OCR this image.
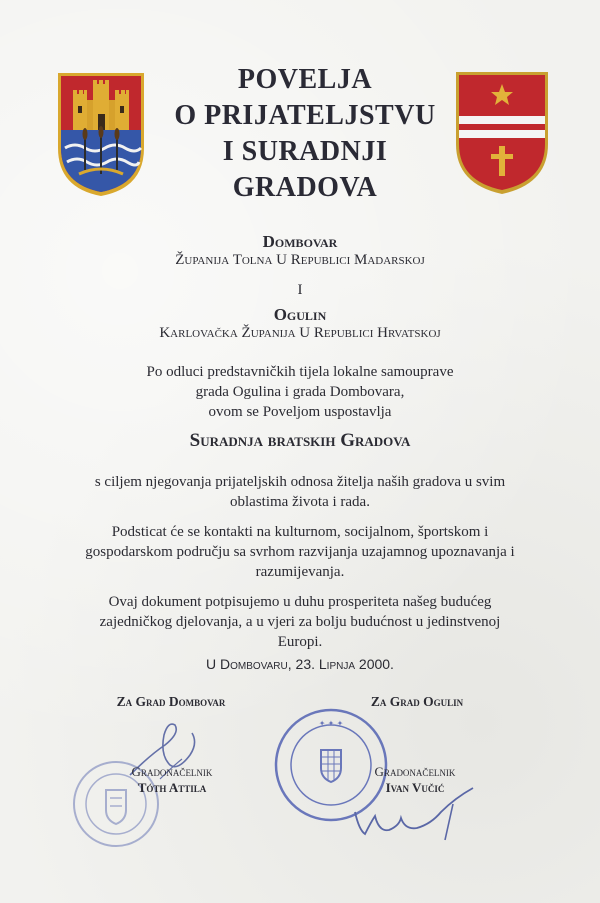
POVELJA
O PRIJATELJSTVU
I SURADNJI
GRADOVA
Dombovar
Županija Tolna U Republici Madarskoj
I
Ogulin
Karlovačka Županija U Republici Hrvatskoj
Po odluci predstavničkih tijela lokalne samouprave
grada Ogulina i grada Dombovara,
ovom se Poveljom uspostavlja
Suradnja bratskih Gradova
s ciljem njegovanja prijateljskih odnosa žitelja naših gradova u svim
oblastima života i rada.
Podsticat će se kontakti na kulturnom, socijalnom, športskom i
gospodarskom području sa svrhom razvijanja uzajamnog upoznavanja i
razumijevanja.
Ovaj dokument potpisujemo u duhu prosperiteta našeg budućeg
zajedničkog djelovanja, a u vjeri za bolju budućnost u jedinstvenoj
Europi.
U Dombovaru, 23. Lipnja 2000.
✦ ✦ ✦
Za Grad Dombovar
Gradonačelnik
Tóth Attila
Za Grad Ogulin
Gradonačelnik
Ivan Vučić
